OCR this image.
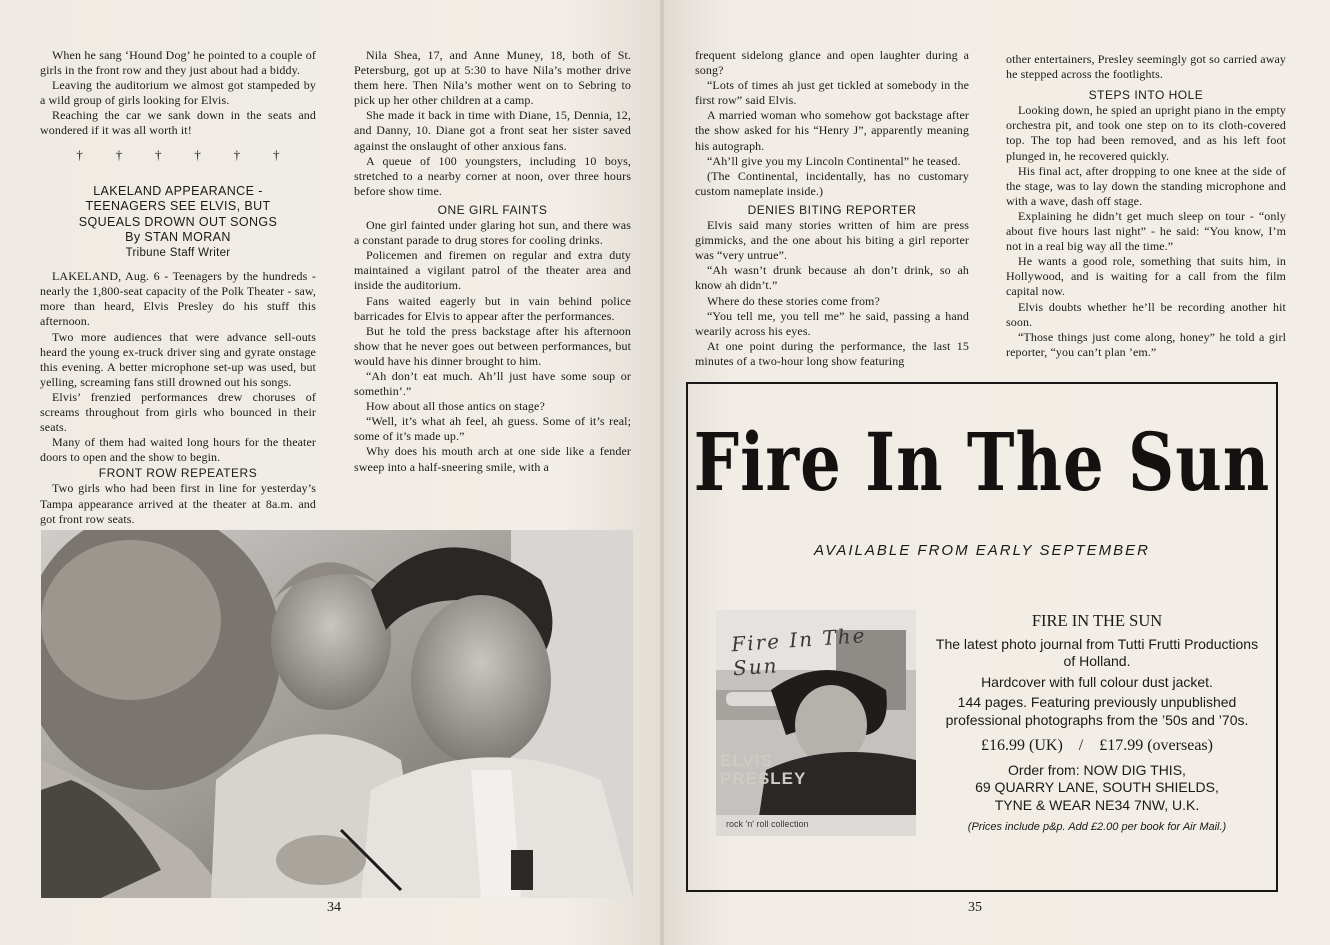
When he sang ‘Hound Dog’ he pointed to a couple of girls in the front row and they just about had a biddy.

Leaving the auditorium we almost got stampeded by a wild group of girls looking for Elvis.

Reaching the car we sank down in the seats and wondered if it was all worth it!

†	†	†	†	†	†
LAKELAND APPEARANCE -
TEENAGERS SEE ELVIS, BUT
SQUEALS DROWN OUT SONGS
By STAN MORAN
Tribune Staff Writer

LAKELAND, Aug. 6 - Teenagers by the hundreds - nearly the 1,800-seat capacity of the Polk Theater - saw, more than heard, Elvis Presley do his stuff this afternoon.

Two more audiences that were advance sell-outs heard the young ex-truck driver sing and gyrate onstage this evening. A better microphone set-up was used, but yelling, screaming fans still drowned out his songs.

Elvis’ frenzied performances drew choruses of screams throughout from girls who bounced in their seats.

Many of them had waited long hours for the theater doors to open and the show to begin.

FRONT ROW REPEATERS

Two girls who had been first in line for yesterday’s Tampa appearance arrived at the theater at 8a.m. and got front row seats.

Nila Shea, 17, and Anne Muney, 18, both of St. Petersburg, got up at 5:30 to have Nila’s mother drive them here. Then Nila’s mother went on to Sebring to pick up her other children at a camp.

She made it back in time with Diane, 15, Dennia, 12, and Danny, 10. Diane got a front seat her sister saved against the onslaught of other anxious fans.

A queue of 100 youngsters, including 10 boys, stretched to a nearby corner at noon, over three hours before show time.

ONE GIRL FAINTS

One girl fainted under glaring hot sun, and there was a constant parade to drug stores for cooling drinks.

Policemen and firemen on regular and extra duty maintained a vigilant patrol of the theater area and inside the auditorium.

Fans waited eagerly but in vain behind police barricades for Elvis to appear after the performances.

But he told the press backstage after his afternoon show that he never goes out between performances, but would have his dinner brought to him.

“Ah don’t eat much. Ah’ll just have some soup or somethin’.”

How about all those antics on stage?

“Well, it’s what ah feel, ah guess. Some of it’s real; some of it’s made up.”

Why does his mouth arch at one side like a fender sweep into a half-sneering smile, with a

34

frequent sidelong glance and open laughter during a song?

“Lots of times ah just get tickled at somebody in the first row” said Elvis.

A married woman who somehow got backstage after the show asked for his “Henry J”, apparently meaning his autograph.

“Ah’ll give you my Lincoln Continental” he teased.

(The Continental, incidentally, has no customary custom nameplate inside.)

DENIES BITING REPORTER

Elvis said many stories written of him are press gimmicks, and the one about his biting a girl reporter was “very untrue”.

“Ah wasn’t drunk because ah don’t drink, so ah know ah didn’t.”

Where do these stories come from?

“You tell me, you tell me” he said, passing a hand wearily across his eyes.

At one point during the performance, the last 15 minutes of a two-hour long show featuring

other entertainers, Presley seemingly got so carried away he stepped across the footlights.

STEPS INTO HOLE

Looking down, he spied an upright piano in the empty orchestra pit, and took one step on to its cloth-covered top. The top had been removed, and as his left foot plunged in, he recovered quickly.

His final act, after dropping to one knee at the side of the stage, was to lay down the standing microphone and with a wave, dash off stage.

Explaining he didn’t get much sleep on tour - “only about five hours last night” - he said: “You know, I’m not in a real big way all the time.”

He wants a good role, something that suits him, in Hollywood, and is waiting for a call from the film capital now.

Elvis doubts whether he’ll be recording another hit soon.

“Those things just come along, honey” he told a girl reporter, “you can’t plan ’em.”

35
Fire In The Sun
AVAILABLE FROM EARLY SEPTEMBER
Fire In The Sun
ELVIS
PRESLEY
rock 'n' roll collection
FIRE IN THE SUN
The latest photo journal from Tutti Frutti Productions of Holland.
Hardcover with full colour dust jacket.
144 pages. Featuring previously unpublished professional photographs from the ’50s and ’70s.
£16.99 (UK)    /    £17.99 (overseas)
Order from: NOW DIG THIS,
69 QUARRY LANE, SOUTH SHIELDS,
TYNE & WEAR NE34 7NW, U.K.
(Prices include p&p. Add £2.00 per book for Air Mail.)
